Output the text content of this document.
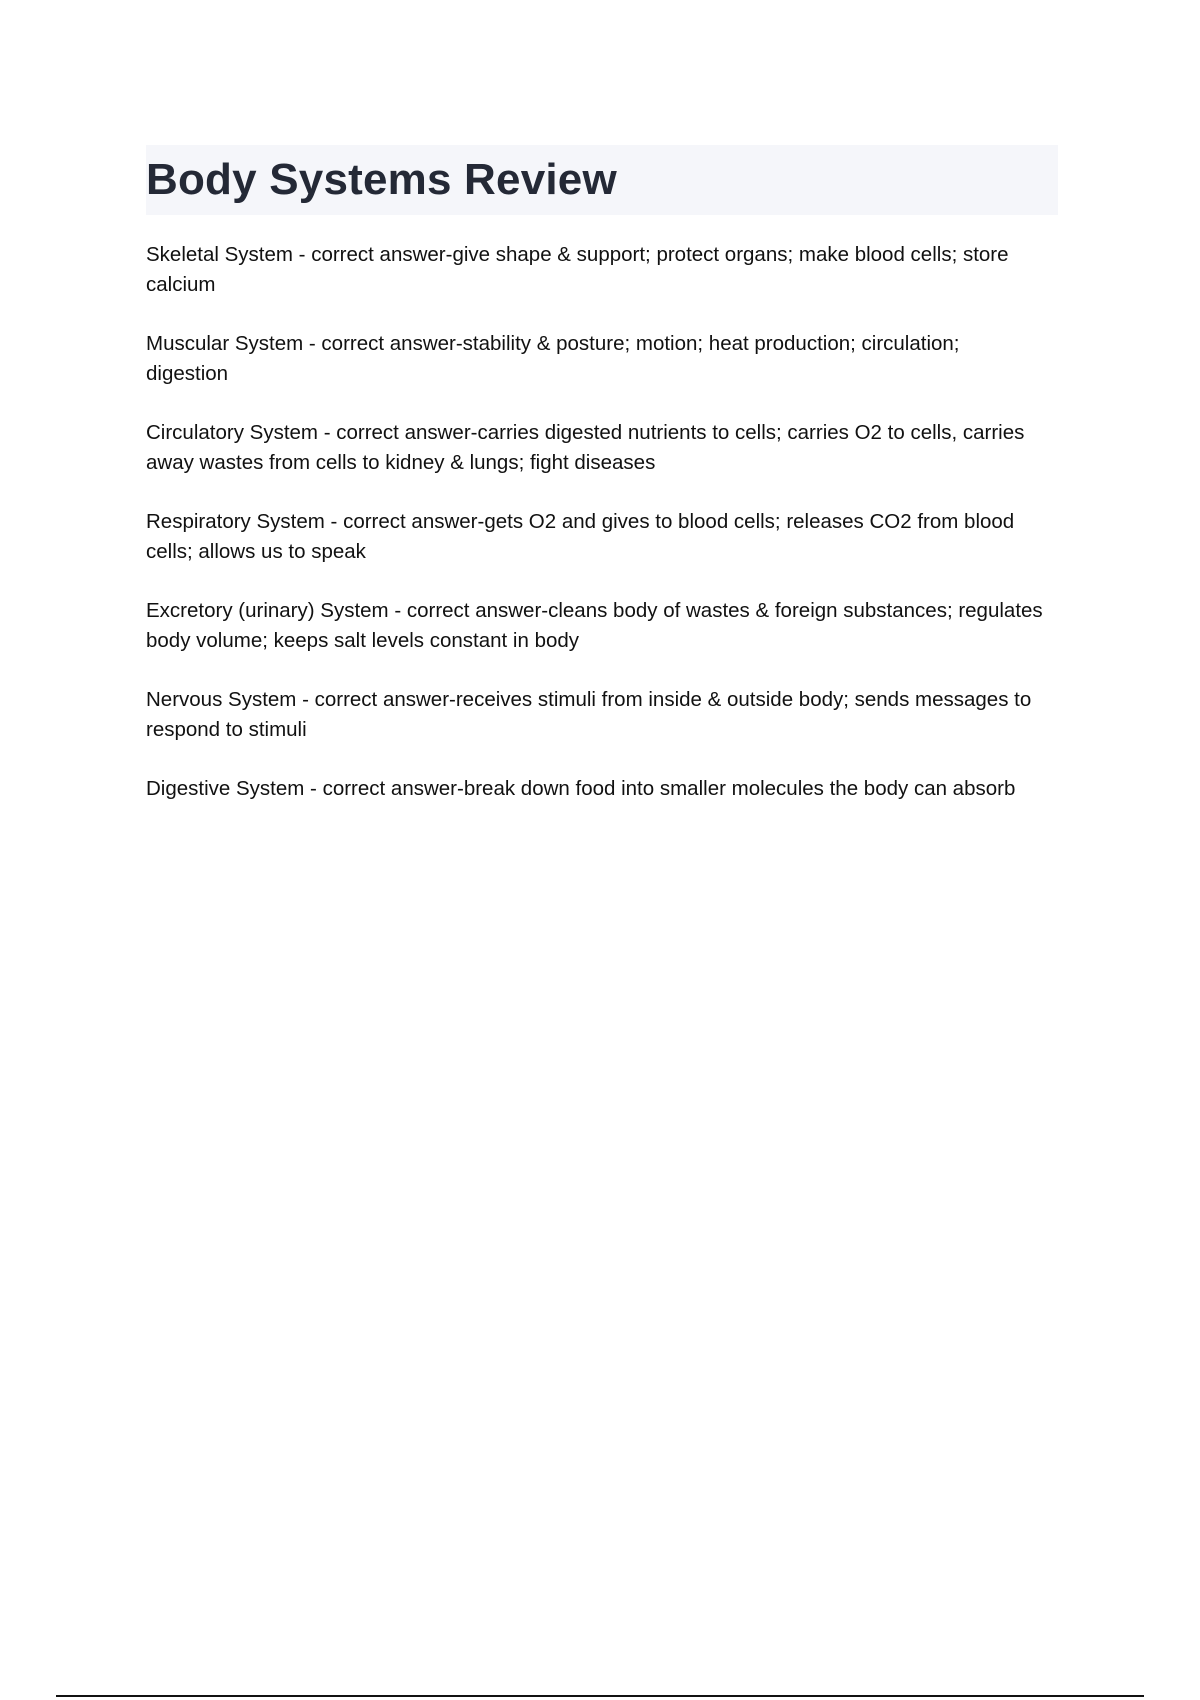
Body Systems Review

Skeletal System - correct answer-give shape & support; protect organs; make blood cells; store calcium

Muscular System - correct answer-stability & posture; motion; heat production; circulation; digestion

Circulatory System - correct answer-carries digested nutrients to cells; carries O2 to cells, carries away wastes from cells to kidney & lungs; fight diseases

Respiratory System - correct answer-gets O2 and gives to blood cells; releases CO2 from blood cells; allows us to speak

Excretory (urinary) System - correct answer-cleans body of wastes & foreign substances; regulates body volume; keeps salt levels constant in body

Nervous System - correct answer-receives stimuli from inside & outside body; sends messages to respond to stimuli

Digestive System - correct answer-break down food into smaller molecules the body can absorb
